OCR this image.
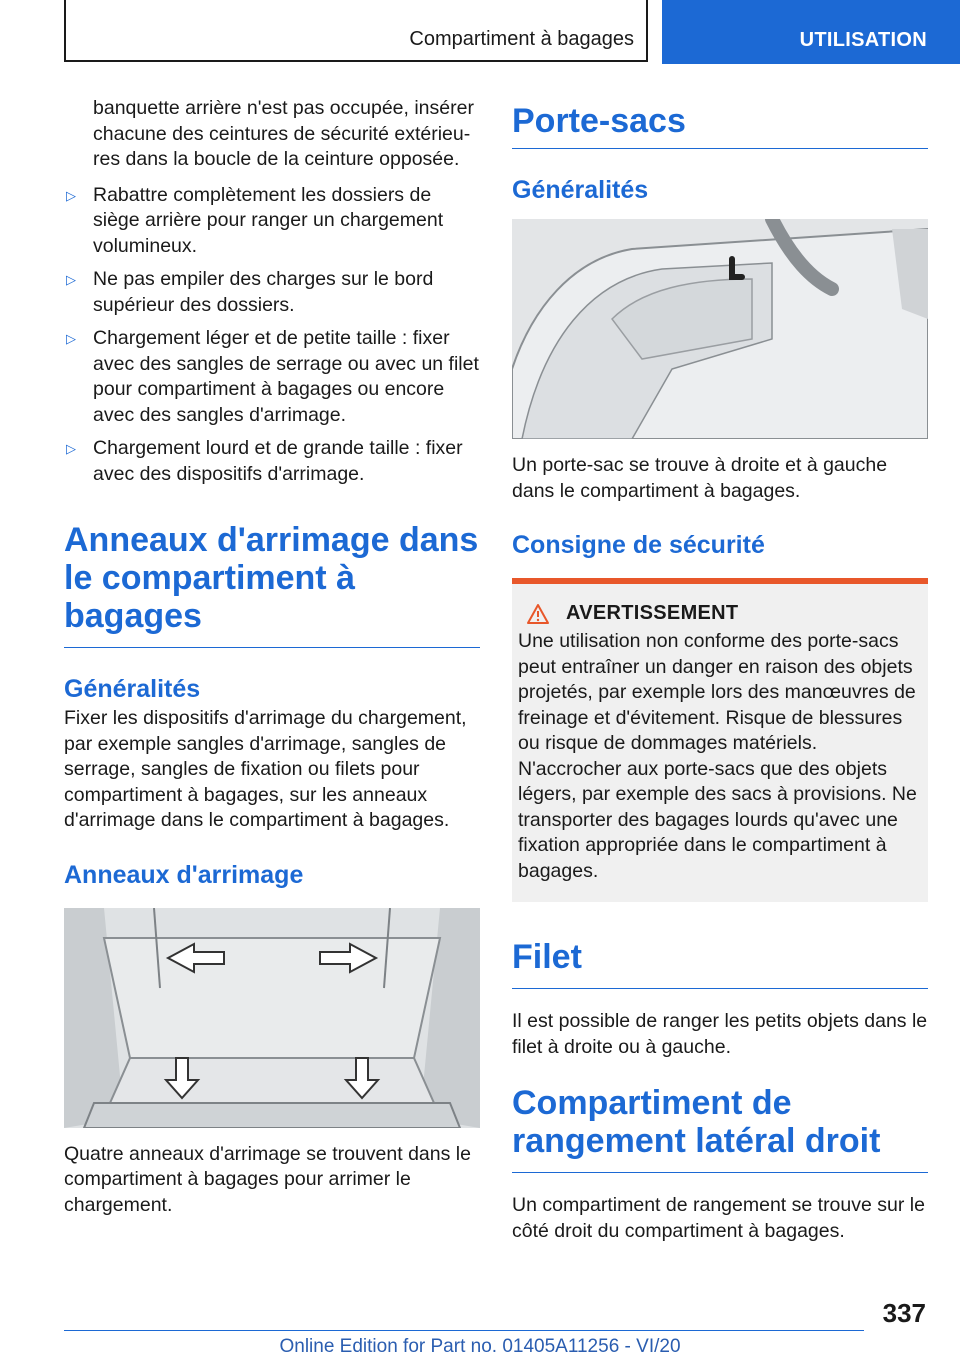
Compartiment à bagages	UTILISATION

banquette arrière n'est pas occupée, insérer chacune des ceintures de sécurité extérieures dans la boucle de la ceinture opposée.

▷ Rabattre complètement les dossiers de siège arrière pour ranger un chargement volumineux.
▷ Ne pas empiler des charges sur le bord supérieur des dossiers.
▷ Chargement léger et de petite taille : fixer avec des sangles de serrage ou avec un filet pour compartiment à bagages ou encore avec des sangles d'arrimage.
▷ Chargement lourd et de grande taille : fixer avec des dispositifs d'arrimage.
Anneaux d'arrimage dans le compartiment à bagages
Généralités

Fixer les dispositifs d'arrimage du chargement, par exemple sangles d'arrimage, sangles de serrage, sangles de fixation ou filets pour compartiment à bagages, sur les anneaux d'arrimage dans le compartiment à bagages.

Anneaux d'arrimage

Quatre anneaux d'arrimage se trouvent dans le compartiment à bagages pour arrimer le chargement.

Porte-sacs
Généralités

Un porte-sac se trouve à droite et à gauche dans le compartiment à bagages.

Consigne de sécurité
AVERTISSEMENT

Une utilisation non conforme des porte-sacs peut entraîner un danger en raison des objets projetés, par exemple lors des manœuvres de freinage et d'évitement. Risque de blessures ou risque de dommages matériels. N'accrocher aux porte-sacs que des objets légers, par exemple des sacs à provisions. Ne transporter des bagages lourds qu'avec une fixation appropriée dans le compartiment à bagages.

Filet

Il est possible de ranger les petits objets dans le filet à droite ou à gauche.

Compartiment de rangement latéral droit

Un compartiment de rangement se trouve sur le côté droit du compartiment à bagages.

337
Online Edition for Part no. 01405A11256 - VI/20
